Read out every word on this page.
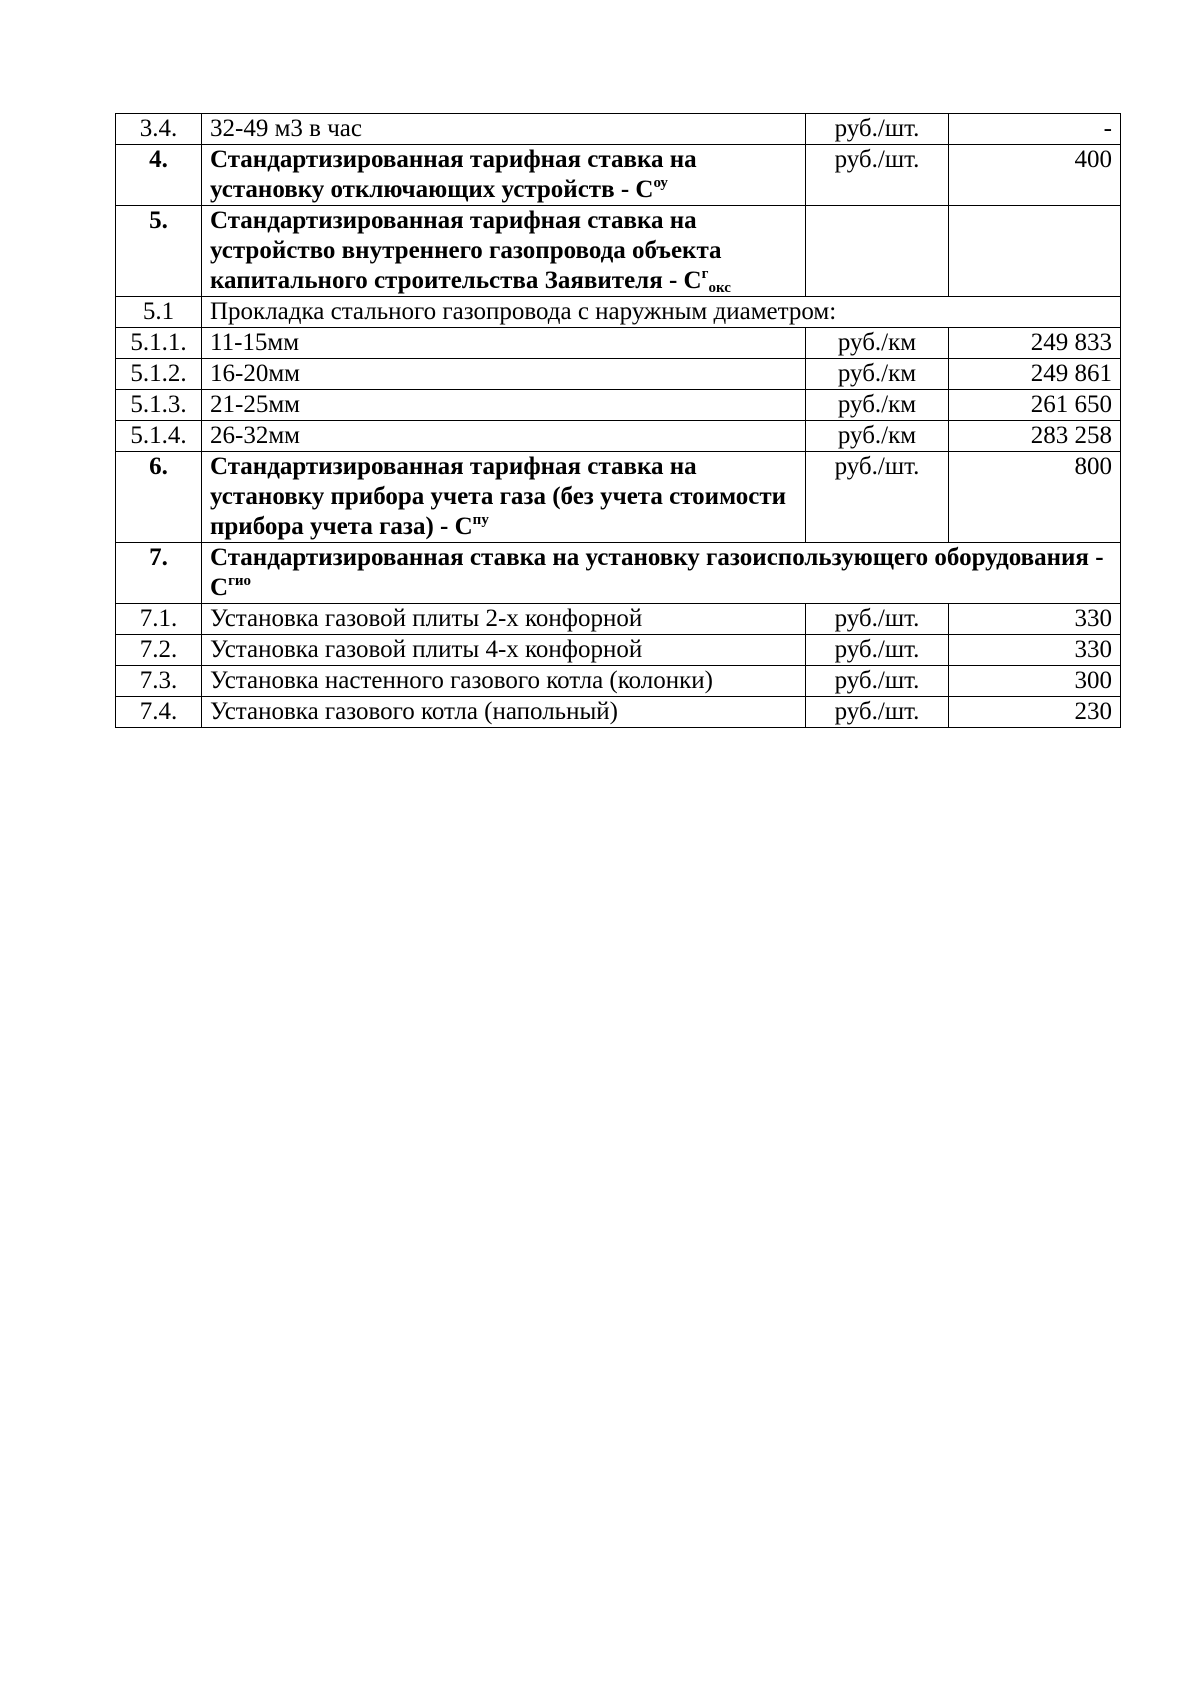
3.4.	32-49 м3 в час	руб./шт.	-
4.	Стандартизированная тарифная ставка на установку отключающих устройств - $С^{оу}$	руб./шт.	400
5.	Стандартизированная тарифная ставка на устройство внутреннего газопровода объекта капитального строительства Заявителя - $С^г_{окс}$		
5.1	Прокладка стального газопровода с наружным диаметром:		
5.1.1.	11-15мм	руб./км	249 833
5.1.2.	16-20мм	руб./км	249 861
5.1.3.	21-25мм	руб./км	261 650
5.1.4.	26-32мм	руб./км	283 258
6.	Стандартизированная тарифная ставка на установку прибора учета газа (без учета стоимости прибора учета газа) - $С^{пу}$	руб./шт.	800
7.	Стандартизированная ставка на установку газоиспользующего оборудования - $С^{гио}$
7.1.	Установка газовой плиты 2-х конфорной	руб./шт.	330
7.2.	Установка газовой плиты 4-х конфорной	руб./шт.	330
7.3.	Установка настенного газового котла (колонки)	руб./шт.	300
7.4.	Установка газового котла (напольный)	руб./шт.	230
